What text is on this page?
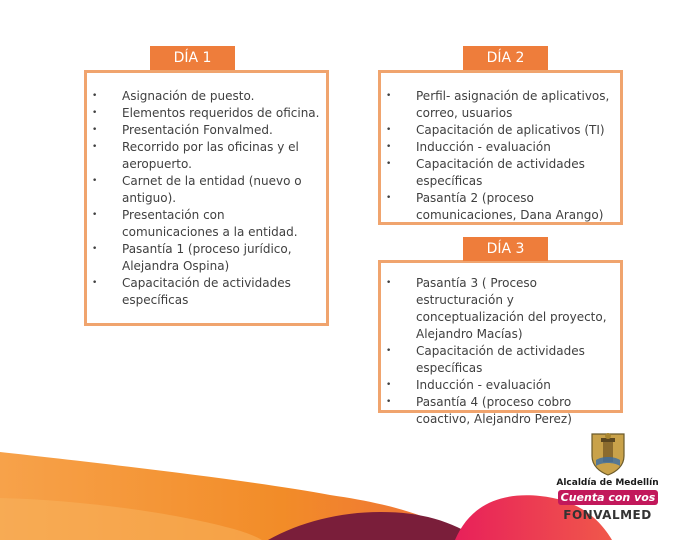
• Asignación de puesto.
• Elementos requeridos de oficina.
• Presentación Fonvalmed.
• Recorrido por las oficinas y el aeropuerto.
• Carnet de la entidad (nuevo o antiguo).
• Presentación con comunicaciones a la entidad.
• Pasantía 1 (proceso jurídico, Alejandra Ospina)
• Capacitación de actividades específicas
DÍA 1
• Perfil- asignación de aplicativos, correo, usuarios
• Capacitación de aplicativos (TI)
• Inducción - evaluación
• Capacitación de actividades específicas
• Pasantía 2 (proceso comunicaciones, Dana Arango)
DÍA 2
• Pasantía 3 ( Proceso estructuración y conceptualización del proyecto, Alejandro Macías)
• Capacitación de actividades específicas
• Inducción - evaluación
• Pasantía 4 (proceso cobro coactivo, Alejandro Perez)
DÍA 3
Alcaldía de Medellín
Cuenta con vos
FONVALMED
